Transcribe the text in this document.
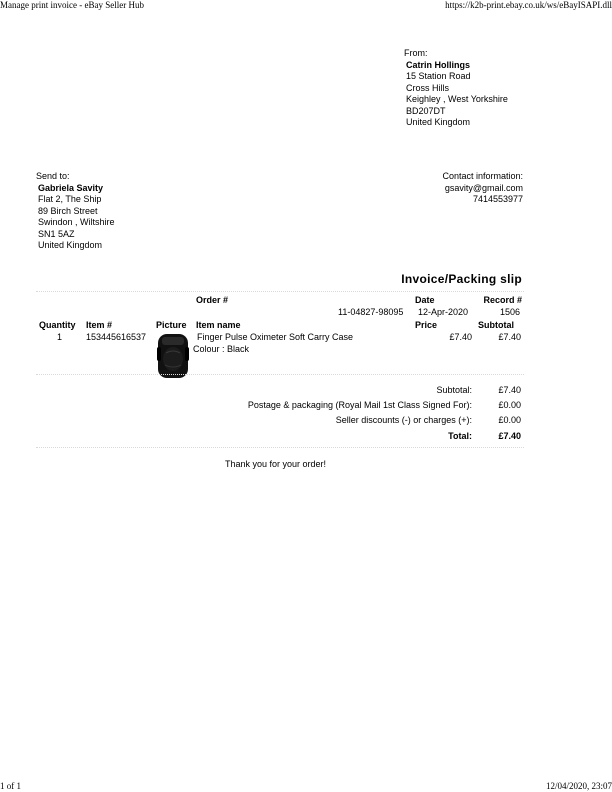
Manage print invoice - eBay Seller Hub	https://k2b-print.ebay.co.uk/ws/eBayISAPI.dll
From:
Catrin Hollings
15 Station Road
Cross Hills
Keighley , West Yorkshire
BD207DT
United Kingdom
Send to:
Gabriela Savity
Flat 2, The Ship
89 Birch Street
Swindon , Wiltshire
SN1 5AZ
United Kingdom
Contact information:
gsavity@gmail.com
7414553977
Invoice/Packing slip
Order #	Date	Record #
11-04827-98095 12-Apr-2020	1506
Quantity Item #	Picture Item name	Price	Subtotal
1	153445616537	Finger Pulse Oximeter Soft Carry Case
Colour : Black
£7.40	£7.40
Subtotal:	£7.40
Postage & packaging (Royal Mail 1st Class Signed For):	£0.00
Seller discounts (-) or charges (+):	£0.00
Total:	£7.40
Thank you for your order!
1 of 1	12/04/2020, 23:07
